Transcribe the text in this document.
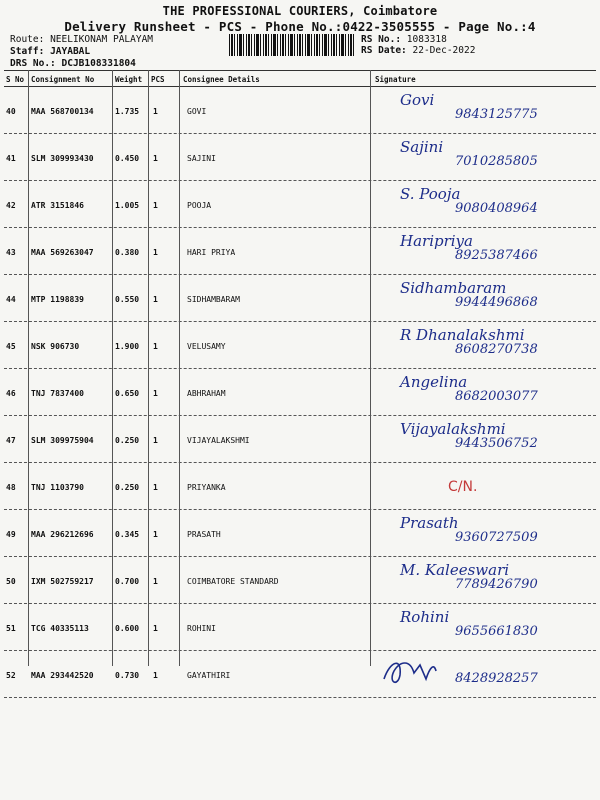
THE PROFESSIONAL COURIERS, Coimbatore
Delivery Runsheet - PCS - Phone No.:0422-3505555 - Page No.:4
Route: NEELIKONAM PALAYAM
Staff: JAYABAL
DRS No.: DCJB108331804
RS No.: 1083318
RS Date: 22-Dec-2022
S No Consignment No	Weight PCS Consignee Details	Signature
40 MAA 568700134	1.735 1	GOVI
Govi
9843125775
41 SLM 309993430	0.450 1	SAJINI
Sajini
7010285805
42 ATR 3151846	1.005 1	POOJA
S. Pooja
9080408964
43 MAA 569263047	0.380 1	HARI PRIYA
Haripriya
8925387466
44 MTP 1198839	0.550 1	SIDHAMBARAM
Sidhambaram
9944496868
45 NSK 906730	1.900 1	VELUSAMY
R Dhanalakshmi
8608270738
46 TNJ 7837400	0.650 1	ABHRAHAM
Angelina
8682003077
47 SLM 309975904	0.250 1	VIJAYALAKSHMI
Vijayalakshmi
9443506752
48 TNJ 1103790	0.250 1	PRIYANKA	C/N.
49 MAA 296212696	0.345 1	PRASATH
Prasath
9360727509
50 IXM 502759217	0.700 1	COIMBATORE STANDARD
M. Kaleeswari
7789426790
51 TCG 40335113	0.600 1	ROHINI
Rohini
9655661830
52 MAA 293442520	0.730 1	GAYATHIRI	8428928257
